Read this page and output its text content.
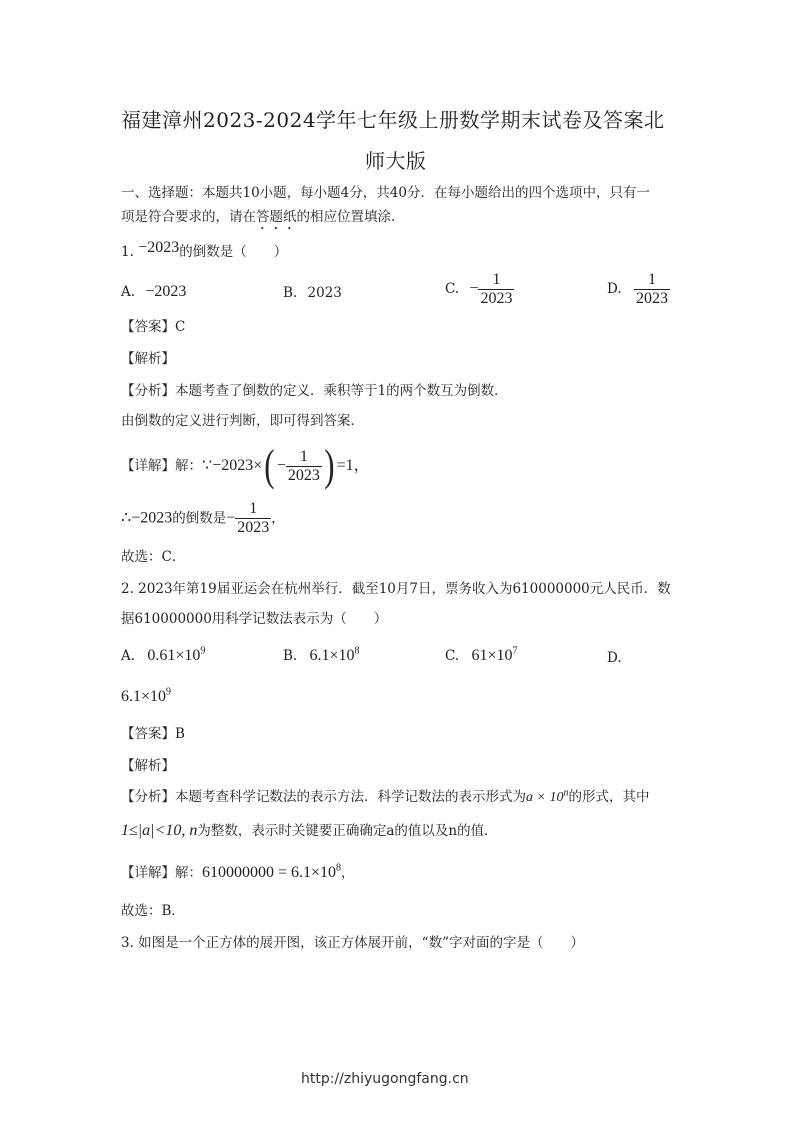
福建漳州2023-2024学年七年级上册数学期末试卷及答案北
师大版
一、选择题：本题共10小题，每小题4分，共40分．在每小题给出的四个选项中，只有一
项是符合要求的，请在答题纸的相应位置填涂．
1. −2023的倒数是（　　）
A. −2023	B. 2023	C. − $\frac{1}{2023}$	D. $\frac{1}{2023}$
【答案】C
【解析】
【分析】本题考查了倒数的定义．乘积等于1的两个数互为倒数．
由倒数的定义进行判断，即可得到答案．
【详解】解：∵−2023×( − $\frac{1}{2023}$ ) =1，
∴−2023的倒数是− $\frac{1}{2023}$ ，
故选：C．
2. 2023年第19届亚运会在杭州举行．截至10月7日，票务收入为610000000元人民币．数
据610000000用科学记数法表示为（　　）
A. $0.61\times 10^9$	B. $6.1\times 10^8$	C. $61\times 10^7$	D.
$6.1\times 10^9$
【答案】B
【解析】
【分析】本题考查科学记数法的表示方法．科学记数法的表示形式为$a \times 10^n$的形式，其中
1≤|a|<10, n为整数，表示时关键要正确确定a的值以及n的值．
【详解】解：$610000000 = 6.1\times 10^8$，
故选：B．
3. 如图是一个正方体的展开图，该正方体展开前，“数”字对面的字是（　　）
http://zhiyugongfang.cn
